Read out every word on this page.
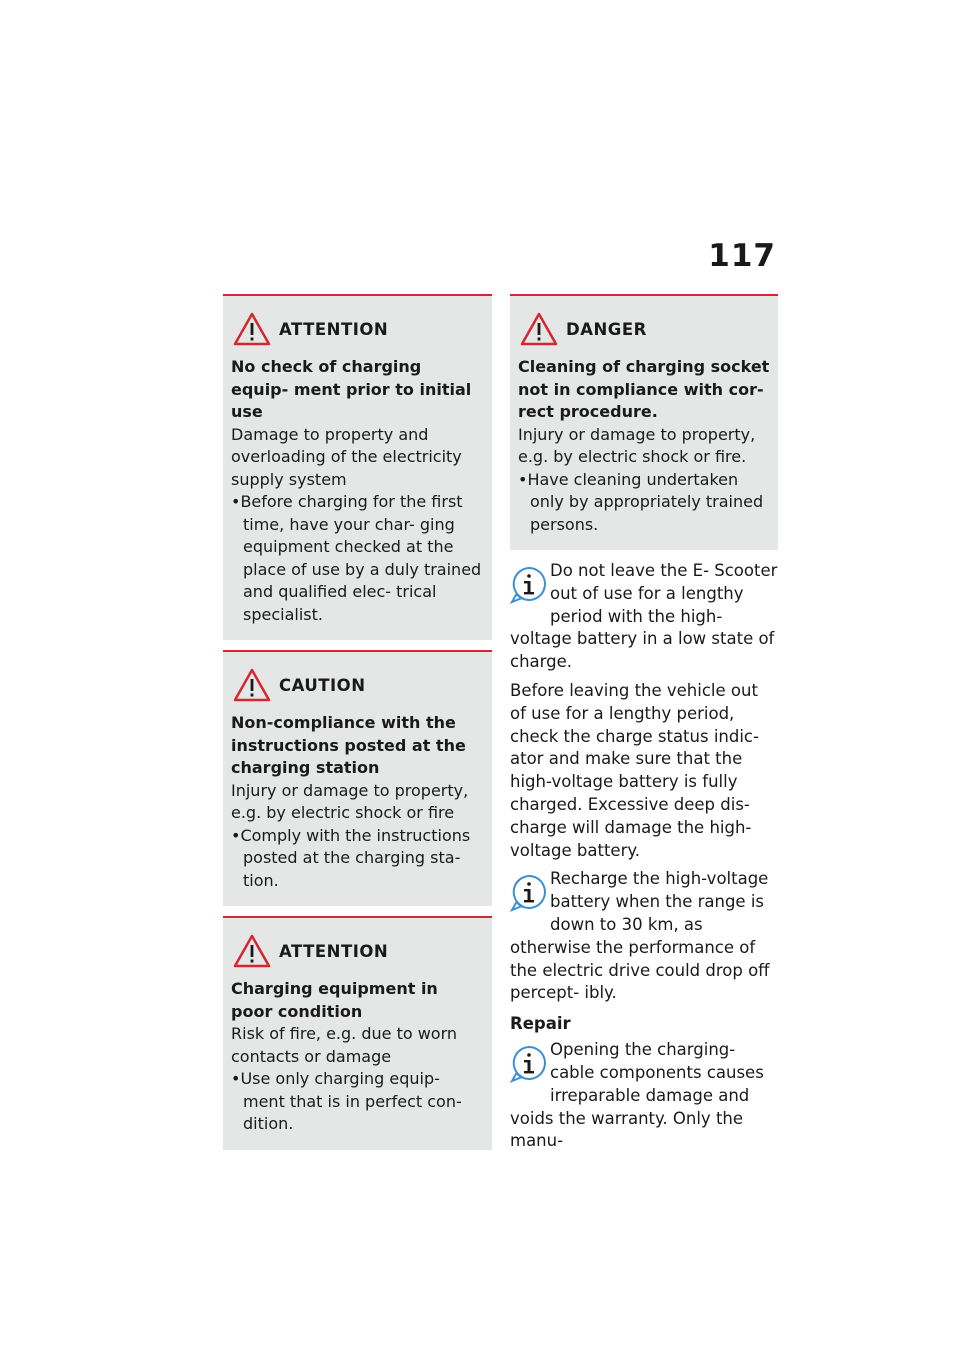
117
ATTENTION
No check of charging equip- ment prior to initial use
Damage to property and overloading of the electricity supply system
• Before charging for the first time, have your char- ging equipment checked at the place of use by a duly trained and qualified elec- trical specialist.
CAUTION
Non-compliance with the instructions posted at the charging station
Injury or damage to property, e.g. by electric shock or fire
• Comply with the instructions posted at the charging sta- tion.
ATTENTION
Charging equipment in poor condition
Risk of fire, e.g. due to worn contacts or damage
• Use only charging equip- ment that is in perfect con- dition.
DANGER
Cleaning of charging socket not in compliance with cor- rect procedure.
Injury or damage to property, e.g. by electric shock or fire.
• Have cleaning undertaken only by appropriately trained persons.
Do not leave the E- Scooter out of use for a lengthy period with the high- voltage battery in a low state of charge.
Before leaving the vehicle out of use for a lengthy period, check the charge status indic- ator and make sure that the high-voltage battery is fully charged. Excessive deep dis- charge will damage the high- voltage battery.
Recharge the high-voltage battery when the range is down to 30 km, as otherwise the performance of the electric drive could drop off percept- ibly.
Repair
Opening the charging- cable components causes irreparable damage and voids the warranty. Only the manu-
